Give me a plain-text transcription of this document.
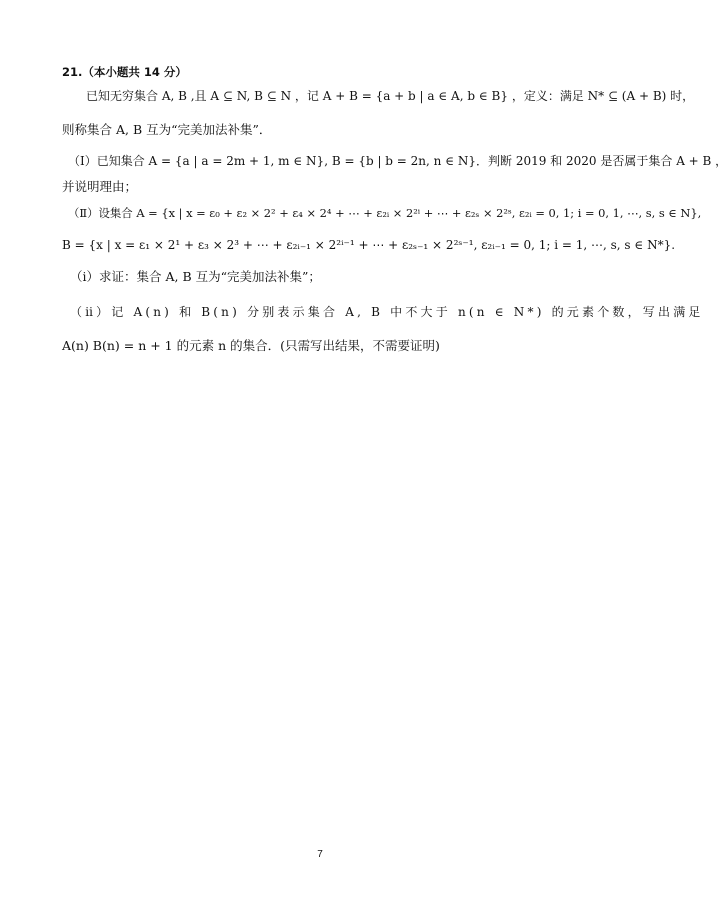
21.（本小题共 14 分）
已知无穷集合 A, B ,且 A ⊆ N, B ⊆ N ，记 A + B = {a + b | a ∈ A, b ∈ B} ，定义：满足 N* ⊆ (A + B) 时，
则称集合 A, B 互为“完美加法补集”．
（Ⅰ）已知集合 A = {a | a = 2m + 1, m ∈ N}, B = {b | b = 2n, n ∈ N}．判断 2019 和 2020 是否属于集合 A + B ，
并说明理由；
（Ⅱ）设集合 A = {x | x = ε₀ + ε₂ × 2² + ε₄ × 2⁴ + ⋯ + ε₂ᵢ × 2²ⁱ + ⋯ + ε₂ₛ × 2²ˢ, ε₂ᵢ = 0, 1; i = 0, 1, ⋯, s, s ∈ N},
B = {x | x = ε₁ × 2¹ + ε₃ × 2³ + ⋯ + ε₂ᵢ₋₁ × 2²ⁱ⁻¹ + ⋯ + ε₂ₛ₋₁ × 2²ˢ⁻¹, ε₂ᵢ₋₁ = 0, 1; i = 1, ⋯, s, s ∈ N*}.
（ⅰ）求证：集合 A, B 互为“完美加法补集”；
（ⅱ）记 A(n) 和 B(n) 分别表示集合 A, B 中不大于 n(n ∈ N*) 的元素个数，写出满足
A(n) B(n) = n + 1 的元素 n 的集合．(只需写出结果，不需要证明)
7
